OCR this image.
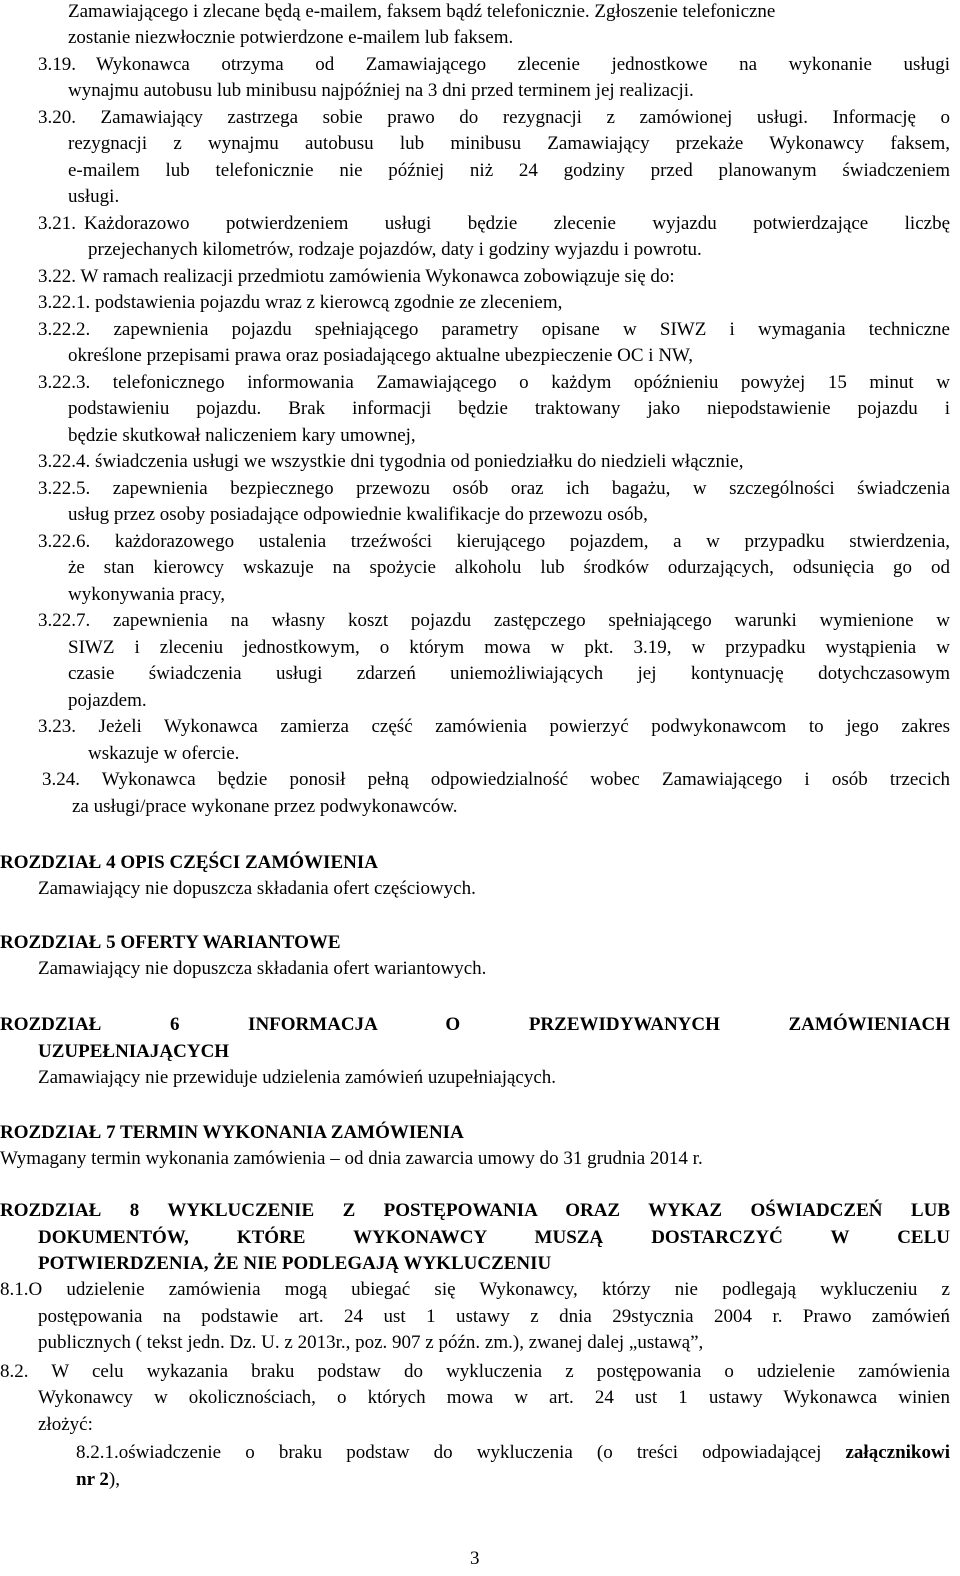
Zamawiającego i zlecane będą e-mailem, faksem bądź telefonicznie. Zgłoszenie telefoniczne
zostanie niezwłocznie potwierdzone e-mailem lub faksem.
3.19. Wykonawca otrzyma od Zamawiającego zlecenie jednostkowe na wykonanie usługi
wynajmu autobusu lub minibusu najpóźniej na 3 dni przed terminem jej realizacji.
3.20. Zamawiający zastrzega sobie prawo do rezygnacji z zamówionej usługi. Informację o
rezygnacji z wynajmu autobusu lub minibusu Zamawiający przekaże Wykonawcy faksem,
e-mailem lub telefonicznie nie później niż 24 godziny przed planowanym świadczeniem
usługi.
3.21. Każdorazowo potwierdzeniem usługi będzie zlecenie wyjazdu potwierdzające liczbę
przejechanych kilometrów, rodzaje pojazdów, daty i godziny wyjazdu i powrotu.
3.22. W ramach realizacji przedmiotu zamówienia Wykonawca zobowiązuje się do:
3.22.1. podstawienia pojazdu wraz z kierowcą zgodnie ze zleceniem,
3.22.2. zapewnienia pojazdu spełniającego parametry opisane w SIWZ i wymagania techniczne
określone przepisami prawa oraz posiadającego aktualne ubezpieczenie OC i NW,
3.22.3. telefonicznego informowania Zamawiającego o każdym opóźnieniu powyżej 15 minut w
podstawieniu pojazdu. Brak informacji będzie traktowany jako niepodstawienie pojazdu i
będzie skutkował naliczeniem kary umownej,
3.22.4. świadczenia usługi we wszystkie dni tygodnia od poniedziałku do niedzieli włącznie,
3.22.5. zapewnienia bezpiecznego przewozu osób oraz ich bagażu, w szczególności świadczenia
usług przez osoby posiadające odpowiednie kwalifikacje do przewozu osób,
3.22.6. każdorazowego ustalenia trzeźwości kierującego pojazdem, a w przypadku stwierdzenia,
że stan kierowcy wskazuje na spożycie alkoholu lub środków odurzających, odsunięcia go od
wykonywania pracy,
3.22.7. zapewnienia na własny koszt pojazdu zastępczego spełniającego warunki wymienione w
SIWZ i zleceniu jednostkowym, o którym mowa w pkt. 3.19, w przypadku wystąpienia w
czasie świadczenia usługi zdarzeń uniemożliwiających jej kontynuację dotychczasowym
pojazdem.
3.23. Jeżeli Wykonawca zamierza część zamówienia powierzyć podwykonawcom to jego zakres
wskazuje w ofercie.
3.24. Wykonawca będzie ponosił pełną odpowiedzialność wobec Zamawiającego i osób trzecich
za usługi/prace wykonane przez podwykonawców.
ROZDZIAŁ 4 OPIS CZĘŚCI ZAMÓWIENIA
Zamawiający nie dopuszcza składania ofert częściowych.
ROZDZIAŁ 5 OFERTY WARIANTOWE
Zamawiający nie dopuszcza składania ofert wariantowych.
ROZDZIAŁ 6 INFORMACJA O PRZEWIDYWANYCH ZAMÓWIENIACH
UZUPEŁNIAJĄCYCH
Zamawiający nie przewiduje udzielenia zamówień uzupełniających.
ROZDZIAŁ 7 TERMIN WYKONANIA ZAMÓWIENIA
Wymagany termin wykonania zamówienia – od dnia zawarcia umowy do 31 grudnia 2014 r.
ROZDZIAŁ 8 WYKLUCZENIE Z POSTĘPOWANIA ORAZ WYKAZ OŚWIADCZEŃ LUB
DOKUMENTÓW, KTÓRE WYKONAWCY MUSZĄ DOSTARCZYĆ W CELU
POTWIERDZENIA, ŻE NIE PODLEGAJĄ WYKLUCZENIU
8.1.O udzielenie zamówienia mogą ubiegać się Wykonawcy, którzy nie podlegają wykluczeniu z
postępowania na podstawie art. 24 ust 1 ustawy z dnia 29stycznia 2004 r. Prawo zamówień
publicznych ( tekst jedn. Dz. U. z 2013r., poz. 907 z późn. zm.), zwanej dalej „ustawą”,
8.2. W celu wykazania braku podstaw do wykluczenia z postępowania o udzielenie zamówienia
Wykonawcy w okolicznościach, o których mowa w art. 24 ust 1 ustawy Wykonawca winien
złożyć:
8.2.1.oświadczenie o braku podstaw do wykluczenia (o treści odpowiadającej załącznikowi
nr 2),
3
